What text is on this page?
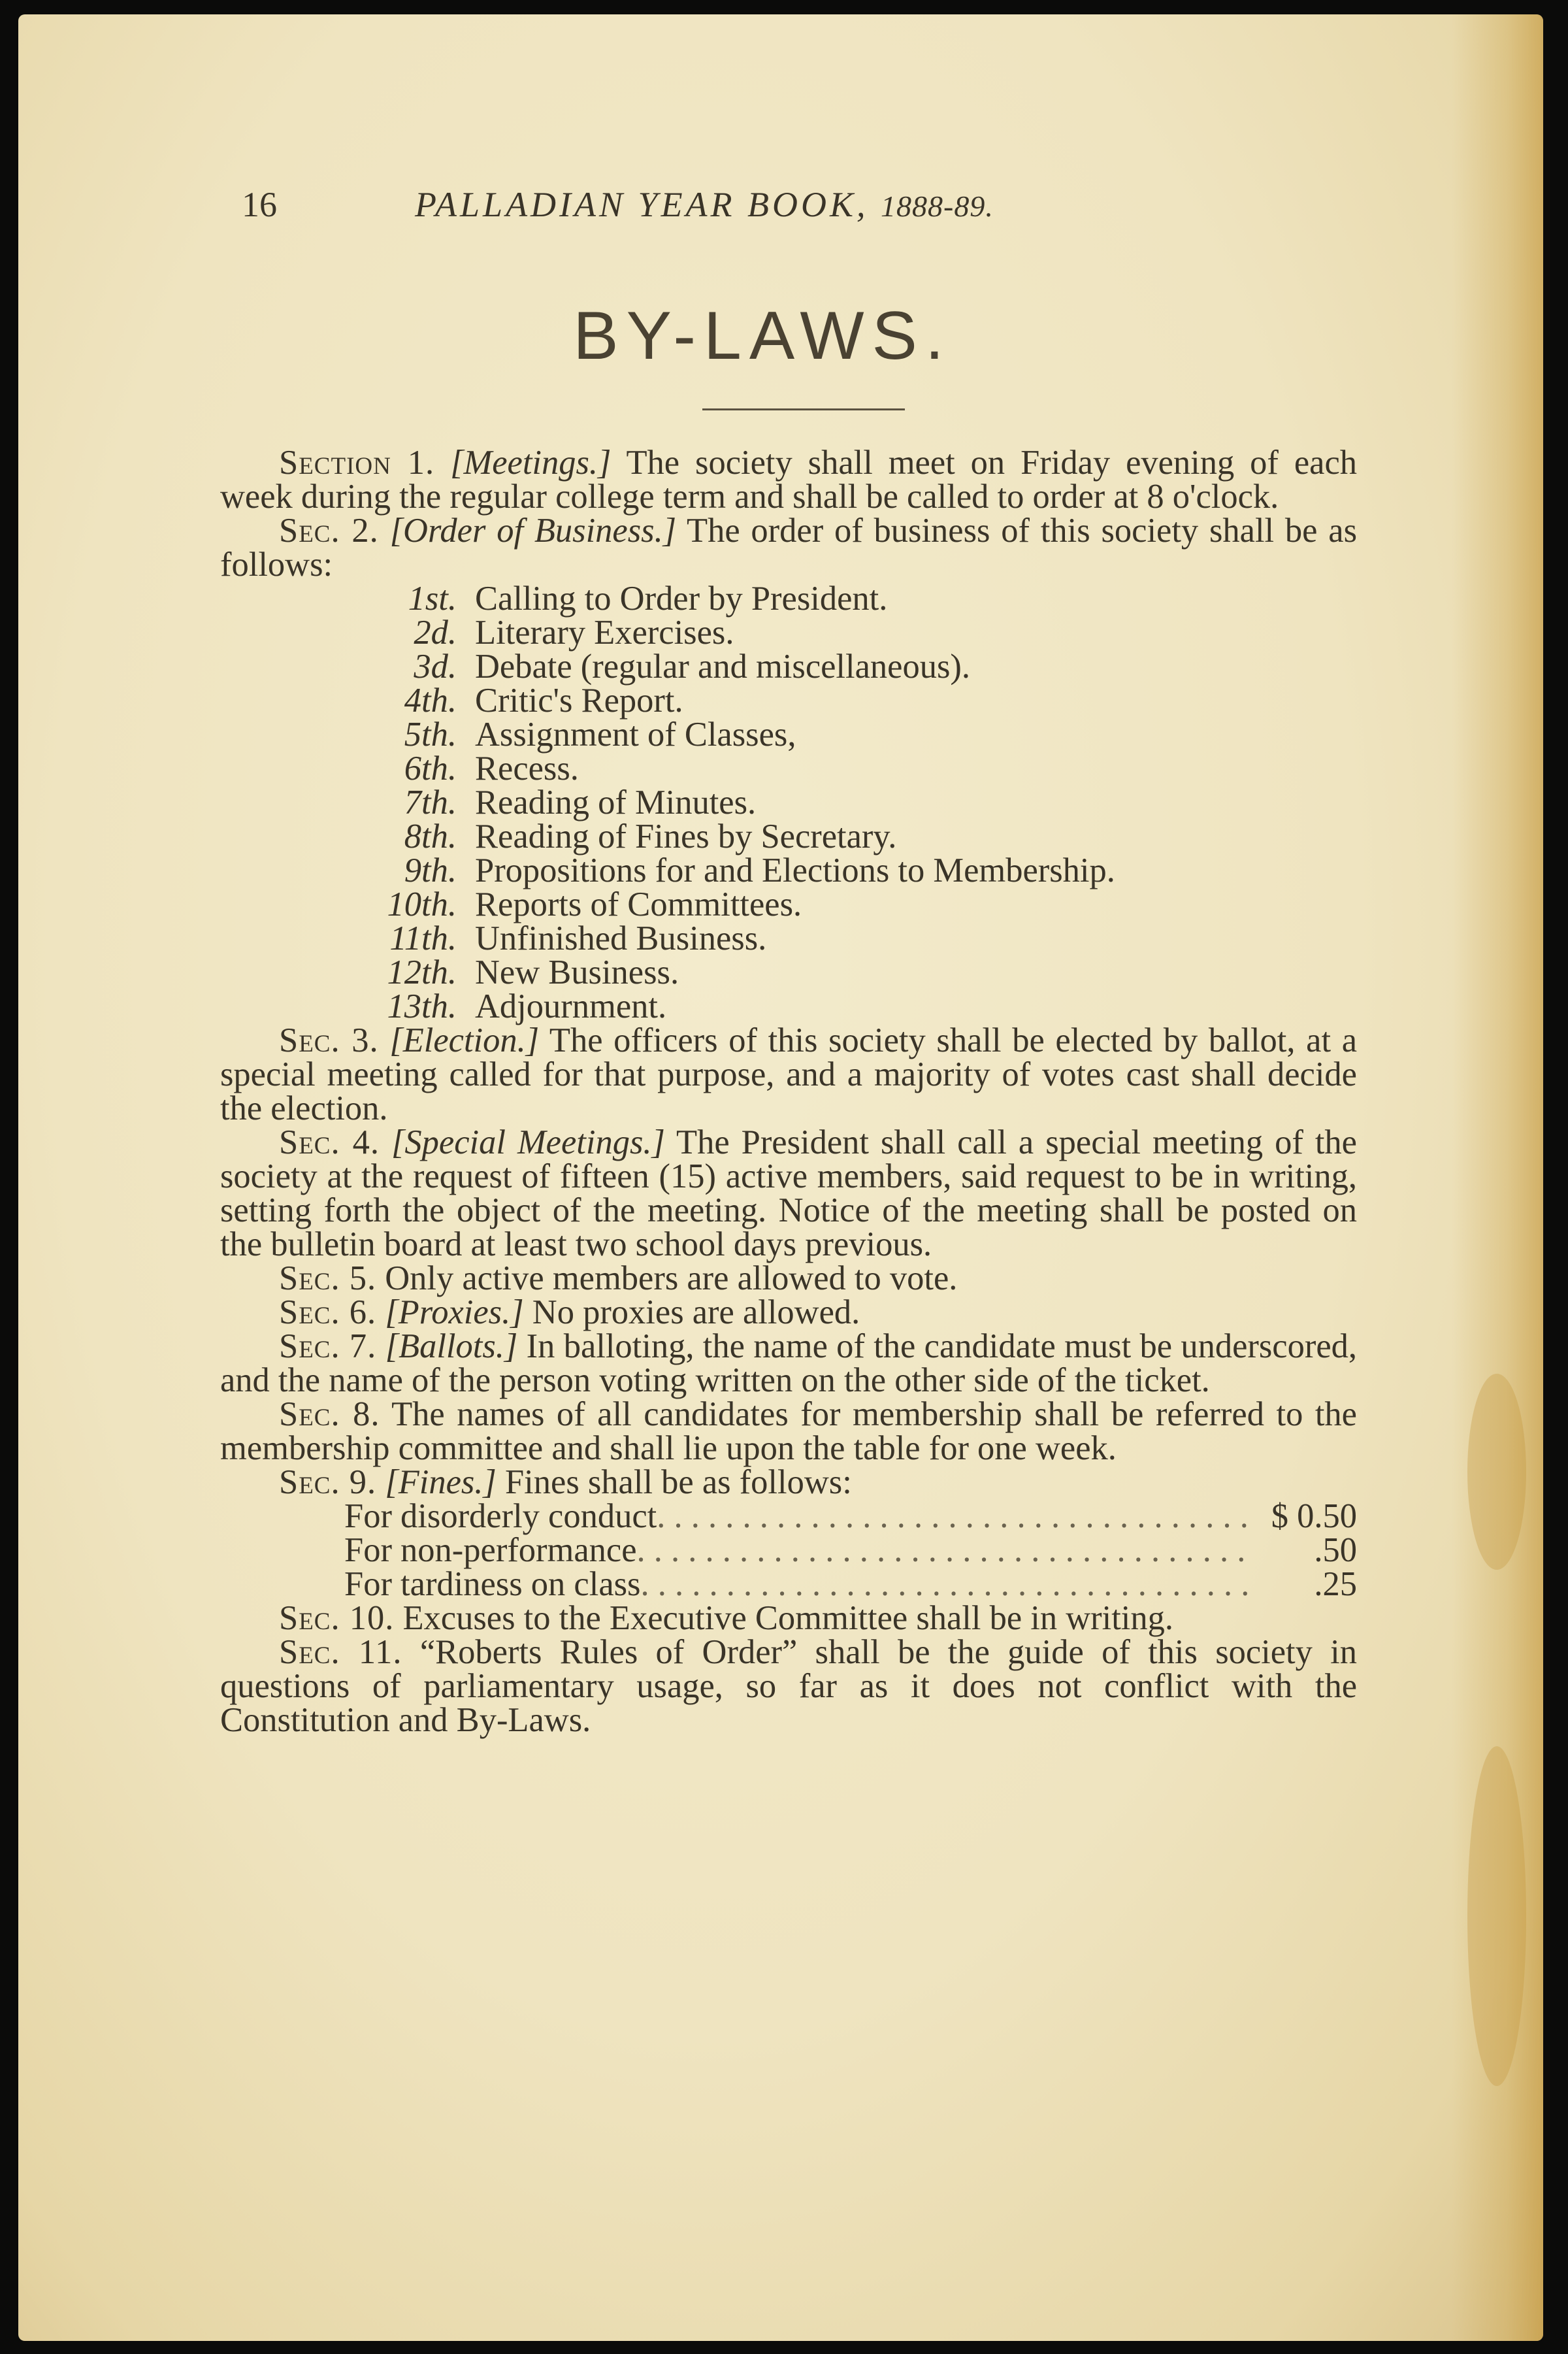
16	PALLADIAN YEAR BOOK, 1888-89.
BY-LAWS.

Section 1. [Meetings.] The society shall meet on Friday evening of each week during the regular college term and shall be called to order at 8 o'clock.

Sec. 2. [Order of Business.] The order of business of this society shall be as follows:

1st. Calling to Order by President.
2d. Literary Exercises.
3d. Debate (regular and miscellaneous).
4th. Critic's Report.
5th. Assignment of Classes,
6th. Recess.
7th. Reading of Minutes.
8th. Reading of Fines by Secretary.
9th. Propositions for and Elections to Membership.
10th. Reports of Committees.
11th. Unfinished Business.
12th. New Business.
13th. Adjournment.

Sec. 3. [Election.] The officers of this society shall be elected by ballot, at a special meeting called for that purpose, and a majority of votes cast shall decide the election.

Sec. 4. [Special Meetings.] The President shall call a special meeting of the society at the request of fifteen (15) active members, said request to be in writing, setting forth the object of the meeting. Notice of the meeting shall be posted on the bulletin board at least two school days previous.

Sec. 5. Only active members are allowed to vote.

Sec. 6. [Proxies.] No proxies are allowed.

Sec. 7. [Ballots.] In balloting, the name of the candidate must be underscored, and the name of the person voting written on the other side of the ticket.

Sec. 8. The names of all candidates for membership shall be referred to the membership committee and shall lie upon the table for one week.

Sec. 9. [Fines.] Fines shall be as follows:

For disorderly conduct . . .	$ 0.50
For non-performance . . .	.50
For tardiness on class . . .	.25

Sec. 10. Excuses to the Executive Committee shall be in writing.

Sec. 11. “Roberts Rules of Order” shall be the guide of this society in questions of parliamentary usage, so far as it does not conflict with the Constitution and By-Laws.
